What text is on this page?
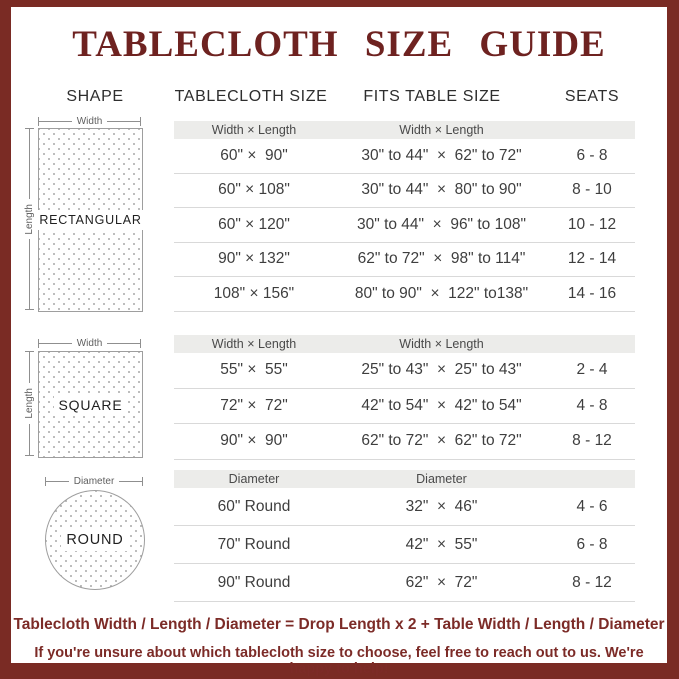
TABLECLOTH SIZE GUIDE
SHAPE	TABLECLOTH SIZE	FITS TABLE SIZE	SEATS
Width
Length RECTANGULAR
Width
Length	SQUARE
Diameter
ROUND
Width × Length	Width × Length
60" ×  90"	30" to 44"  ×  62" to 72"	6 - 8
60" × 108"	30" to 44"  ×  80" to 90"	8 - 10
60" × 120"	30" to 44"  ×  96" to 108"	10 - 12
90" × 132"	62" to 72"  ×  98" to 114"	12 - 14
108" × 156"	80" to 90"  ×  122" to138"	14 - 16
Width × Length	Width × Length
55" ×  55"	25" to 43"  ×  25" to 43"	2 - 4
72" ×  72"	42" to 54"  ×  42" to 54"	4 - 8
90" ×  90"	62" to 72"  ×  62" to 72"	8 - 12
Diameter	Diameter
60" Round	32"  ×  46"	4 - 6
70" Round	42"  ×  55"	6 - 8
90" Round	62"  ×  72"	8 - 12
Tablecloth Width / Length / Diameter = Drop Length x 2 + Table Width / Length / Diameter
If you're unsure about which tablecloth size to choose, feel free to reach out to us. We're happy to help!
